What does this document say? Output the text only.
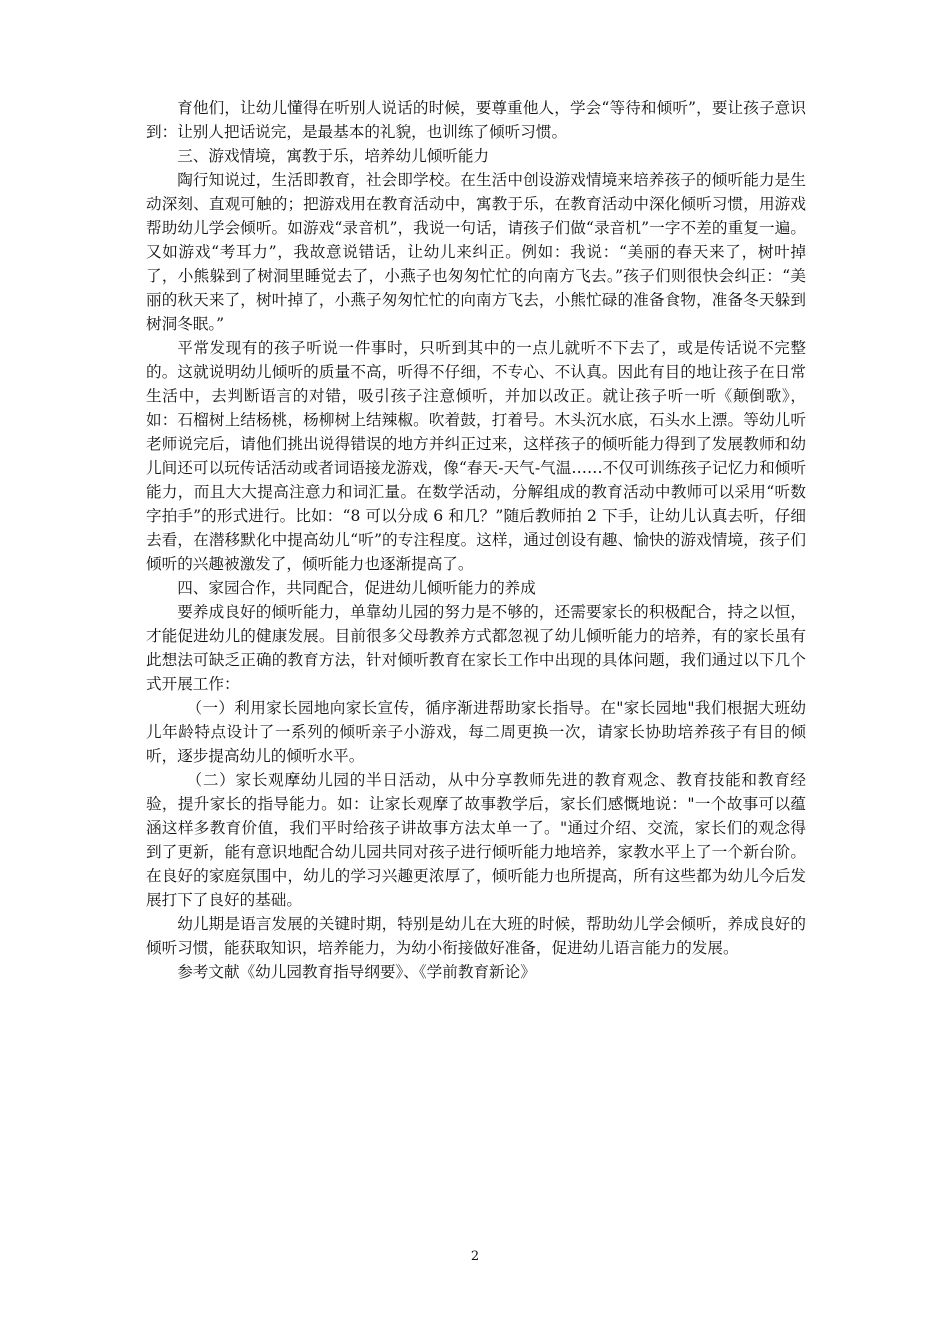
育他们，让幼儿懂得在听别人说话的时候，要尊重他人，学会“等待和倾听”，要让孩子意识到：让别人把话说完，是最基本的礼貌，也训练了倾听习惯。

三、游戏情境，寓教于乐，培养幼儿倾听能力

陶行知说过，生活即教育，社会即学校。在生活中创设游戏情境来培养孩子的倾听能力是生动深刻、直观可触的；把游戏用在教育活动中，寓教于乐，在教育活动中深化倾听习惯，用游戏帮助幼儿学会倾听。如游戏“录音机”，我说一句话，请孩子们做“录音机”一字不差的重复一遍。又如游戏“考耳力”，我故意说错话，让幼儿来纠正。例如：我说：“美丽的春天来了，树叶掉了，小熊躲到了树洞里睡觉去了，小燕子也匆匆忙忙的向南方飞去。”孩子们则很快会纠正：“美丽的秋天来了，树叶掉了，小燕子匆匆忙忙的向南方飞去，小熊忙碌的准备食物，准备冬天躲到树洞冬眠。”

平常发现有的孩子听说一件事时，只听到其中的一点儿就听不下去了，或是传话说不完整的。这就说明幼儿倾听的质量不高，听得不仔细，不专心、不认真。因此有目的地让孩子在日常生活中，去判断语言的对错，吸引孩子注意倾听，并加以改正。就让孩子听一听《颠倒歌》，如：石榴树上结杨桃，杨柳树上结辣椒。吹着鼓，打着号。木头沉水底，石头水上漂。等幼儿听老师说完后，请他们挑出说得错误的地方并纠正过来，这样孩子的倾听能力得到了发展教师和幼儿间还可以玩传话活动或者词语接龙游戏，像“春天-天气-气温……不仅可训练孩子记忆力和倾听能力，而且大大提高注意力和词汇量。在数学活动，分解组成的教育活动中教师可以采用“听数字拍手”的形式进行。比如：“8 可以分成 6 和几？”随后教师拍 2 下手，让幼儿认真去听，仔细去看，在潜移默化中提高幼儿“听”的专注程度。这样，通过创设有趣、愉快的游戏情境，孩子们倾听的兴趣被激发了，倾听能力也逐渐提高了。

四、家园合作，共同配合，促进幼儿倾听能力的养成

要养成良好的倾听能力，单靠幼儿园的努力是不够的，还需要家长的积极配合，持之以恒，才能促进幼儿的健康发展。目前很多父母教养方式都忽视了幼儿倾听能力的培养，有的家长虽有此想法可缺乏正确的教育方法，针对倾听教育在家长工作中出现的具体问题，我们通过以下几个式开展工作：

（一）利用家长园地向家长宣传，循序渐进帮助家长指导。在"家长园地"我们根据大班幼儿年龄特点设计了一系列的倾听亲子小游戏，每二周更换一次，请家长协助培养孩子有目的倾听，逐步提高幼儿的倾听水平。

（二）家长观摩幼儿园的半日活动，从中分享教师先进的教育观念、教育技能和教育经验，提升家长的指导能力。如：让家长观摩了故事教学后，家长们感慨地说："一个故事可以蕴涵这样多教育价值，我们平时给孩子讲故事方法太单一了。"通过介绍、交流，家长们的观念得到了更新，能有意识地配合幼儿园共同对孩子进行倾听能力地培养，家教水平上了一个新台阶。在良好的家庭氛围中，幼儿的学习兴趣更浓厚了，倾听能力也所提高，所有这些都为幼儿今后发展打下了良好的基础。

幼儿期是语言发展的关键时期，特别是幼儿在大班的时候，帮助幼儿学会倾听，养成良好的倾听习惯，能获取知识，培养能力，为幼小衔接做好准备，促进幼儿语言能力的发展。

参考文献《幼儿园教育指导纲要》、《学前教育新论》

2
